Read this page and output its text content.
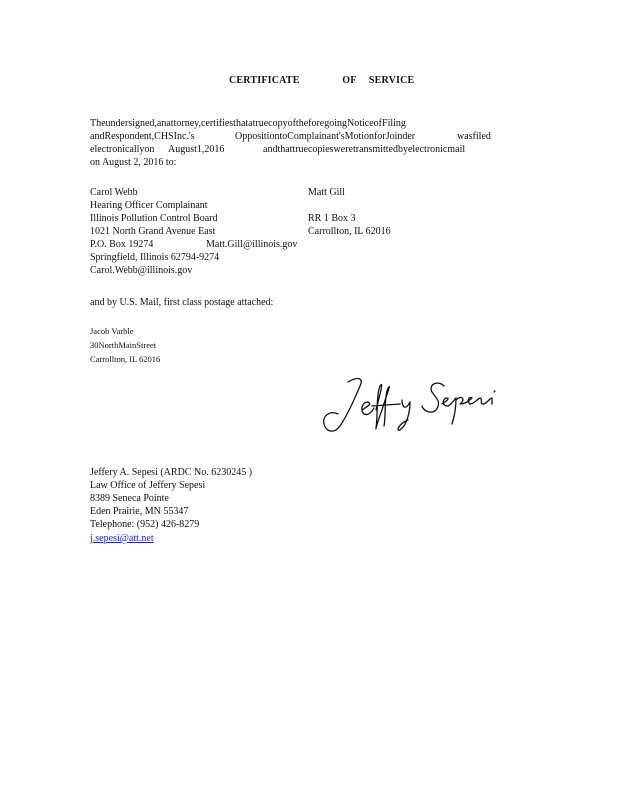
CERTIFICATE	OF SERVICE
Theundersigned,anattorney,certifiesthatatruecopyoftheforegoingNoticeofFiling
andRespondent,CHSInc.'s	OppositiontoComplainant'sMotionforJoinder	wasfiled
electronicallyon August1,2016	andthattruecopiesweretransmittedbyelectronicmail
on August 2, 2016 to:
Carol Webb
Hearing Officer Complainant
Illinois Pollution Control Board
1021 North Grand Avenue East
P.O. Box 19274
Springfield, Illinois 62794-9274
Carol.Webb@illinois.gov
Matt Gill
RR 1 Box 3
Carrollton, IL 62016
Matt.Gill@illinois.gov
and by U.S. Mail, first class postage attached:
Jacob Varble
30NorthMainStreet
Carrollton, IL 62016
Jeffery A. Sepesi (ARDC No. 6230245 )
Law Office of Jeffery Sepesi
8389 Seneca Pointe
Eden Prairie, MN 55347
Telephone: (952) 426-8279
j.sepesi@att.net
